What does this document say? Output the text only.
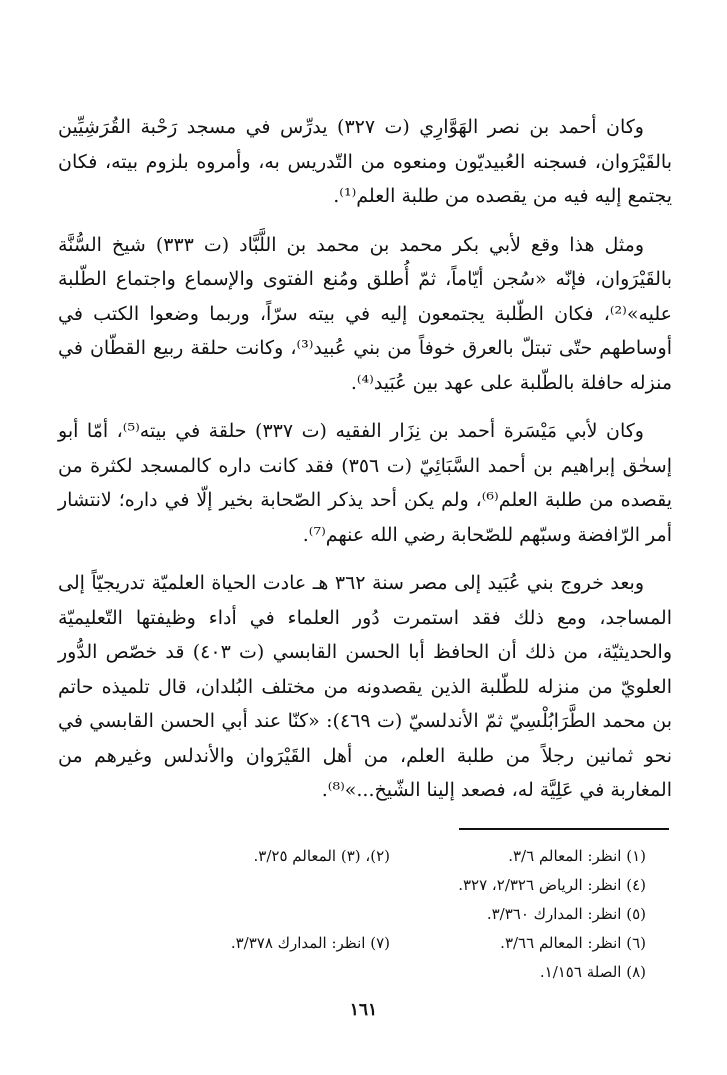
وكان أحمد بن نصر الهَوَّارِي (ت ٣٢٧) يدرِّس في مسجد رَحْبة القُرَشِيِّين بالقَيْرَوان، فسجنه العُبيديّون ومنعوه من التّدريس به، وأمروه بلزوم بيته، فكان يجتمع إليه فيه من يقصده من طلبة العلم⁽¹⁾.

ومثل هذا وقع لأبي بكر محمد بن محمد بن اللَّبَّاد (ت ٣٣٣) شيخ السُّنَّة بالقَيْرَوان، فإنّه «سُجن أيّاماً، ثمّ أُطلق ومُنع الفتوى والإسماع واجتماع الطّلبة عليه»⁽²⁾، فكان الطّلبة يجتمعون إليه في بيته سرّاً، وربما وضعوا الكتب في أوساطهم حتّى تبتلّ بالعرق خوفاً من بني عُبيد⁽³⁾، وكانت حلقة ربيع القطّان في منزله حافلة بالطّلبة على عهد بين عُبَيد⁽⁴⁾.

وكان لأبي مَيْسَرة أحمد بن نِزَار الفقيه (ت ٣٣٧) حلقة في بيته⁽⁵⁾، أمّا أبو إسحٰق إبراهيم بن أحمد السَّبَائِيّ (ت ٣٥٦) فقد كانت داره كالمسجد لكثرة من يقصده من طلبة العلم⁽⁶⁾، ولم يكن أحد يذكر الصّحابة بخير إلّا في داره؛ لانتشار أمر الرّافضة وسبّهم للصّحابة رضي الله عنهم⁽⁷⁾.

وبعد خروج بني عُبَيد إلى مصر سنة ٣٦٢ هـ عادت الحياة العلميّة تدريجيّاً إلى المساجد، ومع ذلك فقد استمرت دُور العلماء في أداء وظيفتها التّعليميّة والحديثيّة، من ذلك أن الحافظ أبا الحسن القابسي (ت ٤٠٣) قد خصّص الدُّور العلويّ من منزله للطّلبة الذين يقصدونه من مختلف البُلدان، قال تلميذه حاتم بن محمد الطَّرَابُلْسِيّ ثمّ الأندلسيّ (ت ٤٦٩): «كنّا عند أبي الحسن القابسي في نحو ثمانين رجلاً من طلبة العلم، من أهل القَيْرَوان والأندلس وغيرهم من المغاربة في عَلِيَّة له، فصعد إلينا الشّيخ...»⁽⁸⁾.

(١) انظر: المعالم ٣/٦.
(٢)، (٣) المعالم ٣/٢٥.
(٤) انظر: الرياض ٢/٣٢٦، ٣٢٧.
(٥) انظر: المدارك ٣/٣٦٠.
(٦) انظر: المعالم ٣/٦٦.
(٧) انظر: المدارك ٣/٣٧٨.
(٨) الصلة ١/١٥٦.
١٦١
